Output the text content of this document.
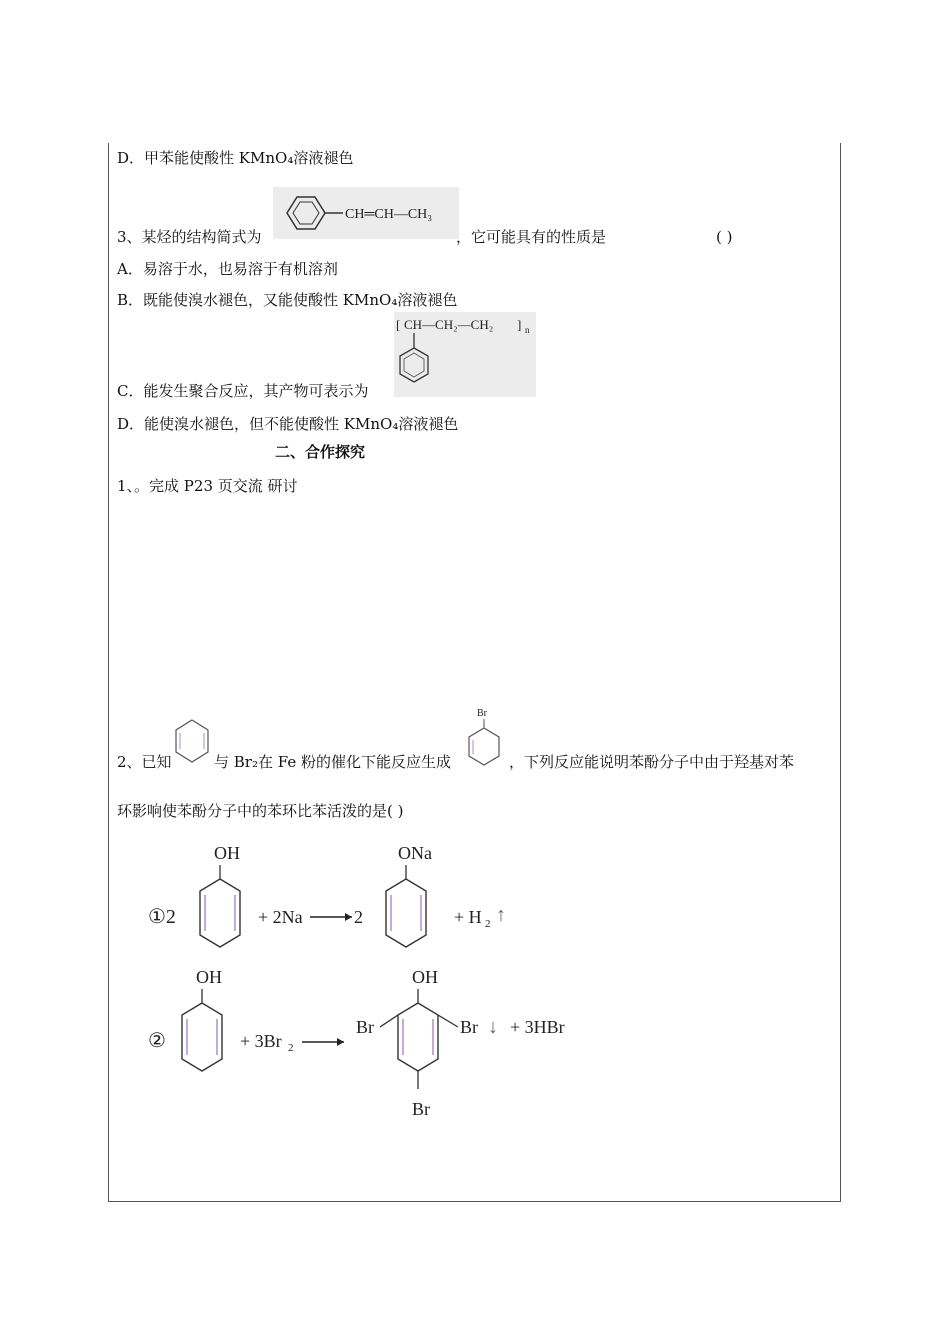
D．甲苯能使酸性 KMnO₄溶液褪色
3、某烃的结构简式为
CH═CH—CH₃
，它可能具有的性质是	( )
A．易溶于水，也易溶于有机溶剂
B．既能使溴水褪色，又能使酸性 KMnO₄溶液褪色
[ CH—CH₂—CH₂ ] n
C．能发生聚合反应，其产物可表示为
D．能使溴水褪色，但不能使酸性 KMnO₄溶液褪色
二、合作探究
1、。完成 P23 页交流 研讨
2、已知	与 Br₂在 Fe 粉的催化下能反应生成
Br
，下列反应能说明苯酚分子中由于羟基对苯
环影响使苯酚分子中的苯环比苯活泼的是( )
①2
OH
+ 2Na	2
ONa
+ H 2 ↑
②
OH
+ 3Br 2
OH
Br	Br ↓ + 3HBr
Br
